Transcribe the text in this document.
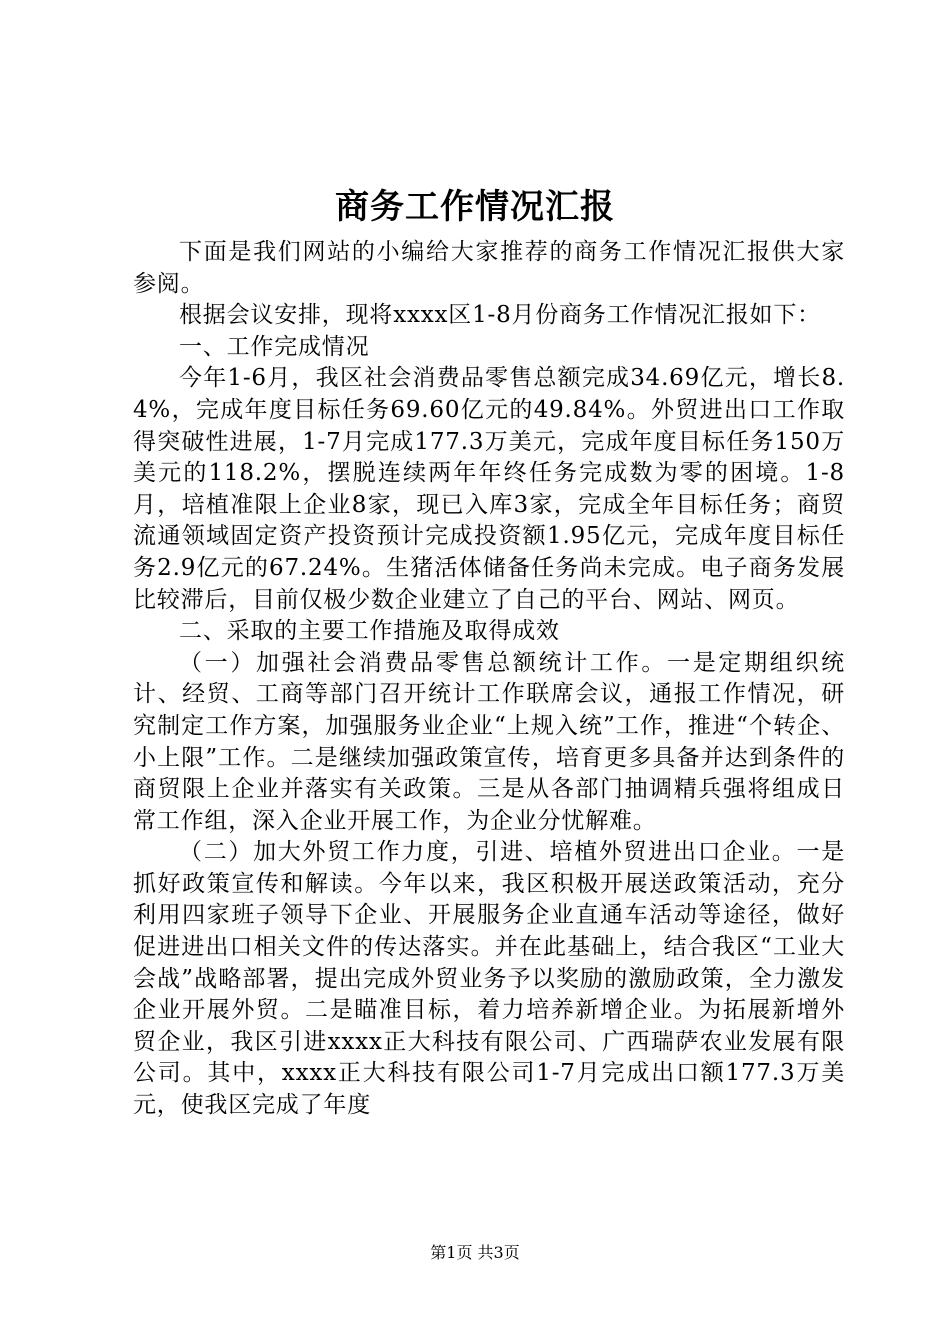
商务工作情况汇报

下面是我们网站的小编给大家推荐的商务工作情况汇报供大家参阅。

根据会议安排，现将xxxx区1-8月份商务工作情况汇报如下：

一、工作完成情况

今年1-6月，我区社会消费品零售总额完成34.69亿元，增长8.4%，完成年度目标任务69.60亿元的49.84%。外贸进出口工作取得突破性进展，1-7月完成177.3万美元，完成年度目标任务150万美元的118.2%，摆脱连续两年年终任务完成数为零的困境。1-8月，培植准限上企业8家，现已入库3家，完成全年目标任务；商贸流通领域固定资产投资预计完成投资额1.95亿元，完成年度目标任务2.9亿元的67.24%。生猪活体储备任务尚未完成。电子商务发展比较滞后，目前仅极少数企业建立了自己的平台、网站、网页。

二、采取的主要工作措施及取得成效

（一）加强社会消费品零售总额统计工作。一是定期组织统计、经贸、工商等部门召开统计工作联席会议，通报工作情况，研究制定工作方案，加强服务业企业“上规入统”工作，推进“个转企、小上限”工作。二是继续加强政策宣传，培育更多具备并达到条件的商贸限上企业并落实有关政策。三是从各部门抽调精兵强将组成日常工作组，深入企业开展工作，为企业分忧解难。

（二）加大外贸工作力度，引进、培植外贸进出口企业。一是抓好政策宣传和解读。今年以来，我区积极开展送政策活动，充分利用四家班子领导下企业、开展服务企业直通车活动等途径，做好促进进出口相关文件的传达落实。并在此基础上，结合我区“工业大会战”战略部署，提出完成外贸业务予以奖励的激励政策，全力激发企业开展外贸。二是瞄准目标，着力培养新增企业。为拓展新增外贸企业，我区引进xxxx正大科技有限公司、广西瑞萨农业发展有限公司。其中，xxxx正大科技有限公司1-7月完成出口额177.3万美元，使我区完成了年度

第1页 共3页
